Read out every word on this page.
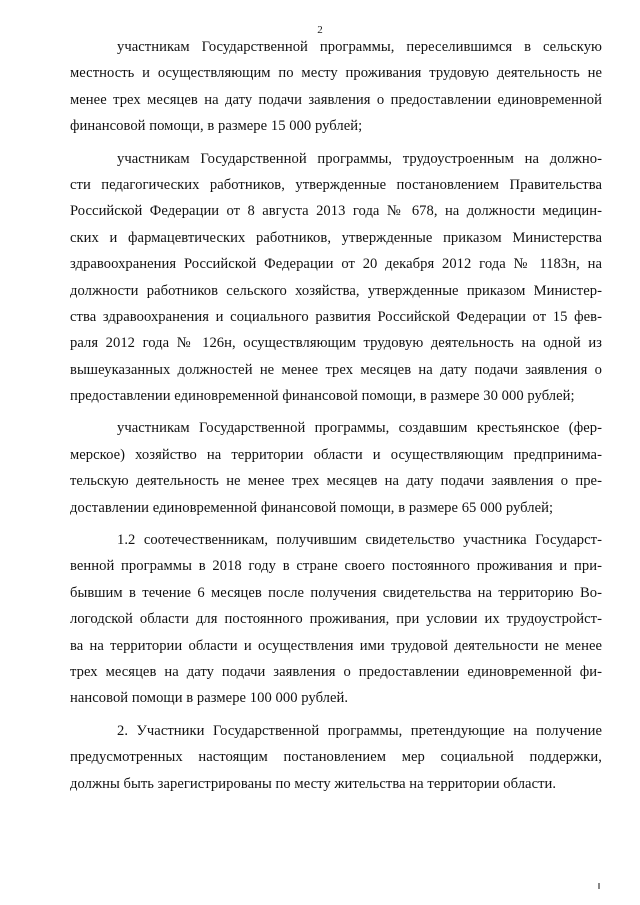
2
участникам Государственной программы, переселившимся в сельскую
местность и осуществляющим по месту проживания трудовую деятельность не
менее трех месяцев на дату подачи заявления о предоставлении единовременной
финансовой помощи, в размере 15 000 рублей;
участникам Государственной программы, трудоустроенным на должно-
сти педагогических работников, утвержденные постановлением Правительства
Российской Федерации от 8 августа 2013 года № 678, на должности медицин-
ских и фармацевтических работников, утвержденные приказом Министерства
здравоохранения Российской Федерации от 20 декабря 2012 года № 1183н, на
должности работников сельского хозяйства, утвержденные приказом Министер-
ства здравоохранения и социального развития Российской Федерации от 15 фев-
раля 2012 года № 126н, осуществляющим трудовую деятельность на одной из
вышеуказанных должностей не менее трех месяцев на дату подачи заявления о
предоставлении единовременной финансовой помощи, в размере 30 000 рублей;
участникам Государственной программы, создавшим крестьянское (фер-
мерское) хозяйство на территории области и осуществляющим предпринима-
тельскую деятельность не менее трех месяцев на дату подачи заявления о пре-
доставлении единовременной финансовой помощи, в размере 65 000 рублей;
1.2 соотечественникам, получившим свидетельство участника Государст-
венной программы в 2018 году в стране своего постоянного проживания и при-
бывшим в течение 6 месяцев после получения свидетельства на территорию Во-
логодской области для постоянного проживания, при условии их трудоустройст-
ва на территории области и осуществления ими трудовой деятельности не менее
трех месяцев на дату подачи заявления о предоставлении единовременной фи-
нансовой помощи в размере 100 000 рублей.
2. Участники Государственной программы, претендующие на получение
предусмотренных настоящим постановлением мер социальной поддержки,
должны быть зарегистрированы по месту жительства на территории области.
